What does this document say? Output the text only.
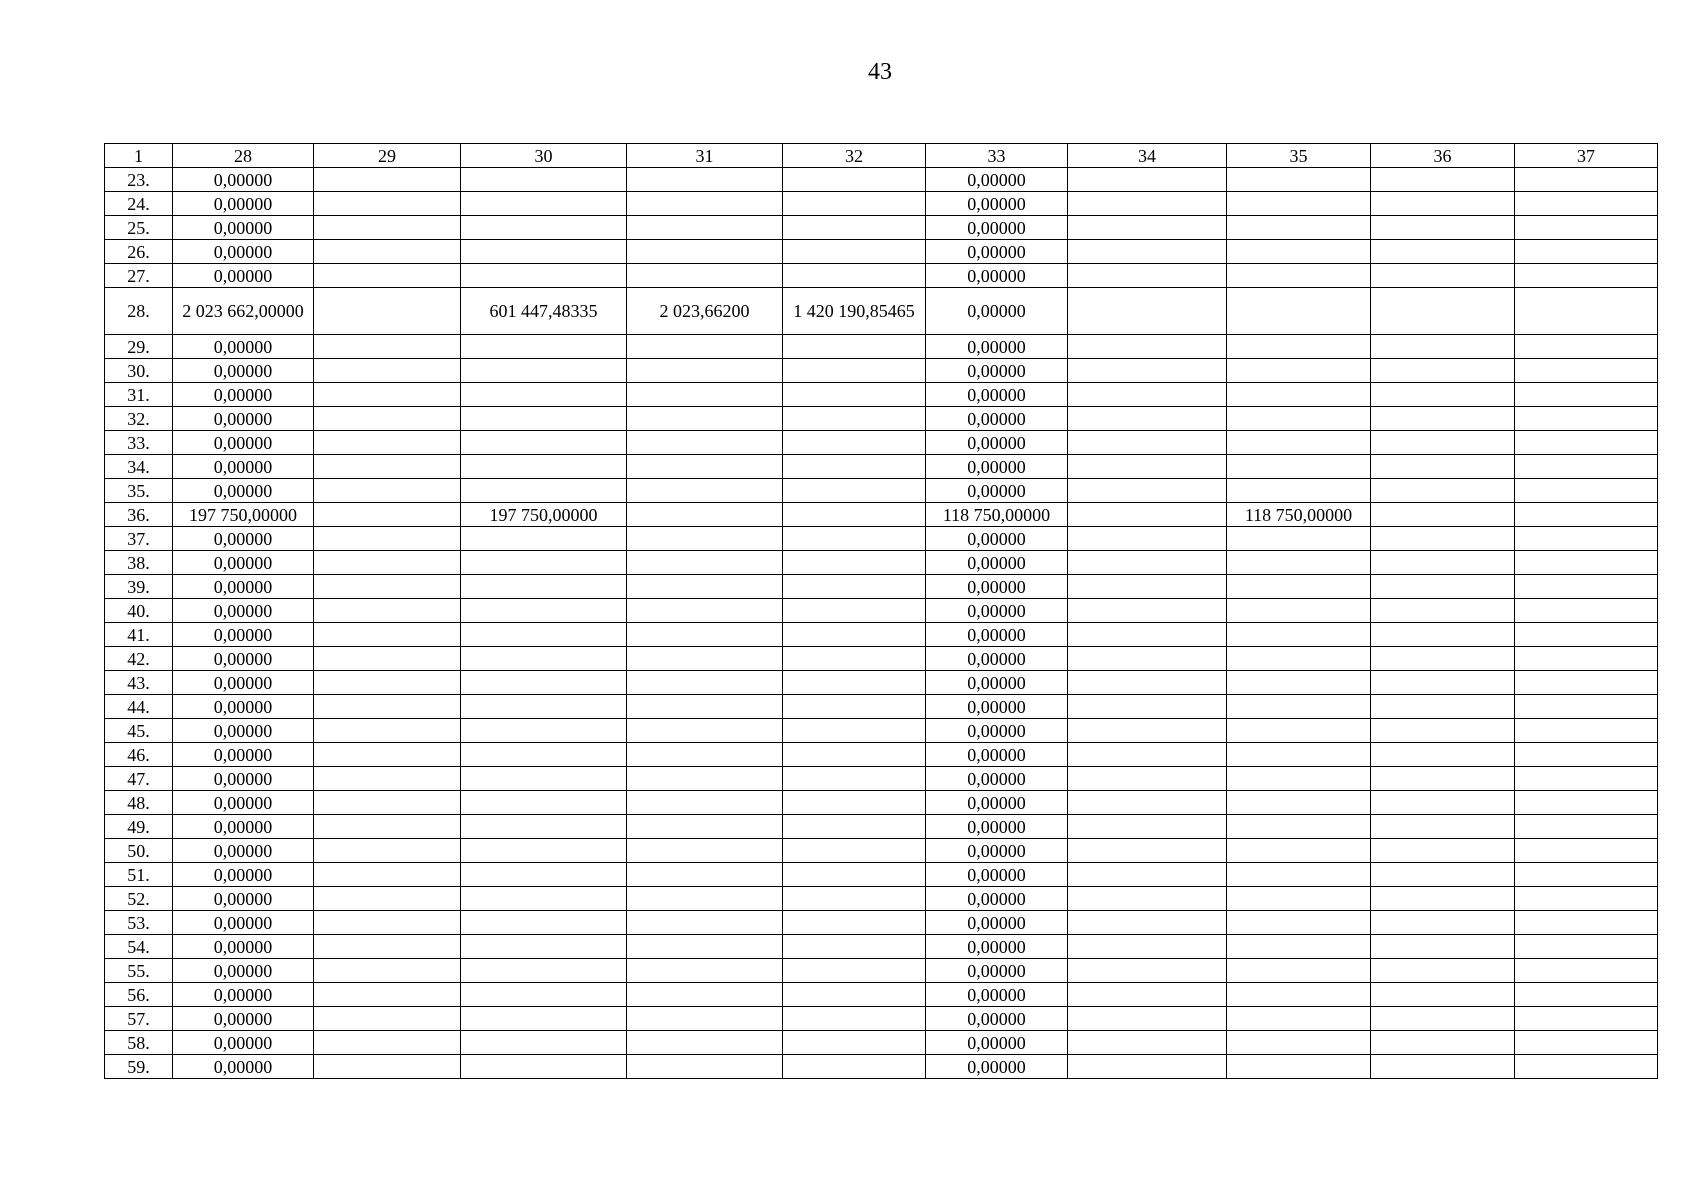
43
1	28	29	30	31	32	33	34	35	36	37
23.	0,00000					0,00000				
24.	0,00000					0,00000				
25.	0,00000					0,00000				
26.	0,00000					0,00000				
27.	0,00000					0,00000				
28.	2 023 662,00000		601 447,48335	2 023,66200	1 420 190,85465	0,00000				
29.	0,00000					0,00000				
30.	0,00000					0,00000				
31.	0,00000					0,00000				
32.	0,00000					0,00000				
33.	0,00000					0,00000				
34.	0,00000					0,00000				
35.	0,00000					0,00000				
36.	197 750,00000		197 750,00000			118 750,00000		118 750,00000		
37.	0,00000					0,00000				
38.	0,00000					0,00000				
39.	0,00000					0,00000				
40.	0,00000					0,00000				
41.	0,00000					0,00000				
42.	0,00000					0,00000				
43.	0,00000					0,00000				
44.	0,00000					0,00000				
45.	0,00000					0,00000				
46.	0,00000					0,00000				
47.	0,00000					0,00000				
48.	0,00000					0,00000				
49.	0,00000					0,00000				
50.	0,00000					0,00000				
51.	0,00000					0,00000				
52.	0,00000					0,00000				
53.	0,00000					0,00000				
54.	0,00000					0,00000				
55.	0,00000					0,00000				
56.	0,00000					0,00000				
57.	0,00000					0,00000				
58.	0,00000					0,00000				
59.	0,00000					0,00000				
